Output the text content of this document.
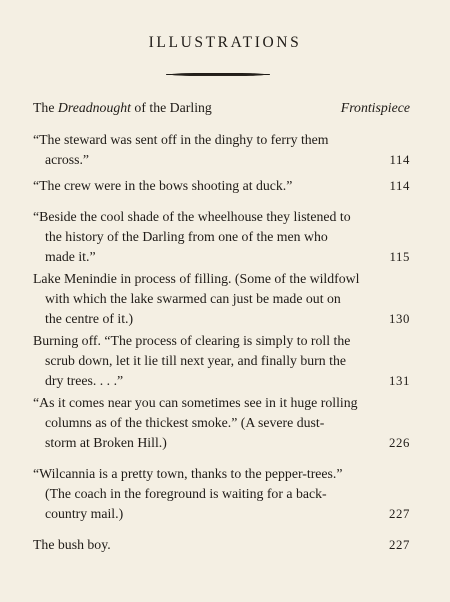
ILLUSTRATIONS
The Dreadnought of the Darling	Frontispiece
“The steward was sent off in the dinghy to ferry them
across.”	114
“The crew were in the bows shooting at duck.”	114
“Beside the cool shade of the wheelhouse they listened to
the history of the Darling from one of the men who
made it.”	115
Lake Menindie in process of filling. (Some of the wildfowl
with which the lake swarmed can just be made out on
the centre of it.)	130
Burning off. “The process of clearing is simply to roll the
scrub down, let it lie till next year, and finally burn the
dry trees. . . .”	131
“As it comes near you can sometimes see in it huge rolling
columns as of the thickest smoke.” (A severe dust-
storm at Broken Hill.)	226
“Wilcannia is a pretty town, thanks to the pepper-trees.”
(The coach in the foreground is waiting for a back-
country mail.)	227
The bush boy.	227
